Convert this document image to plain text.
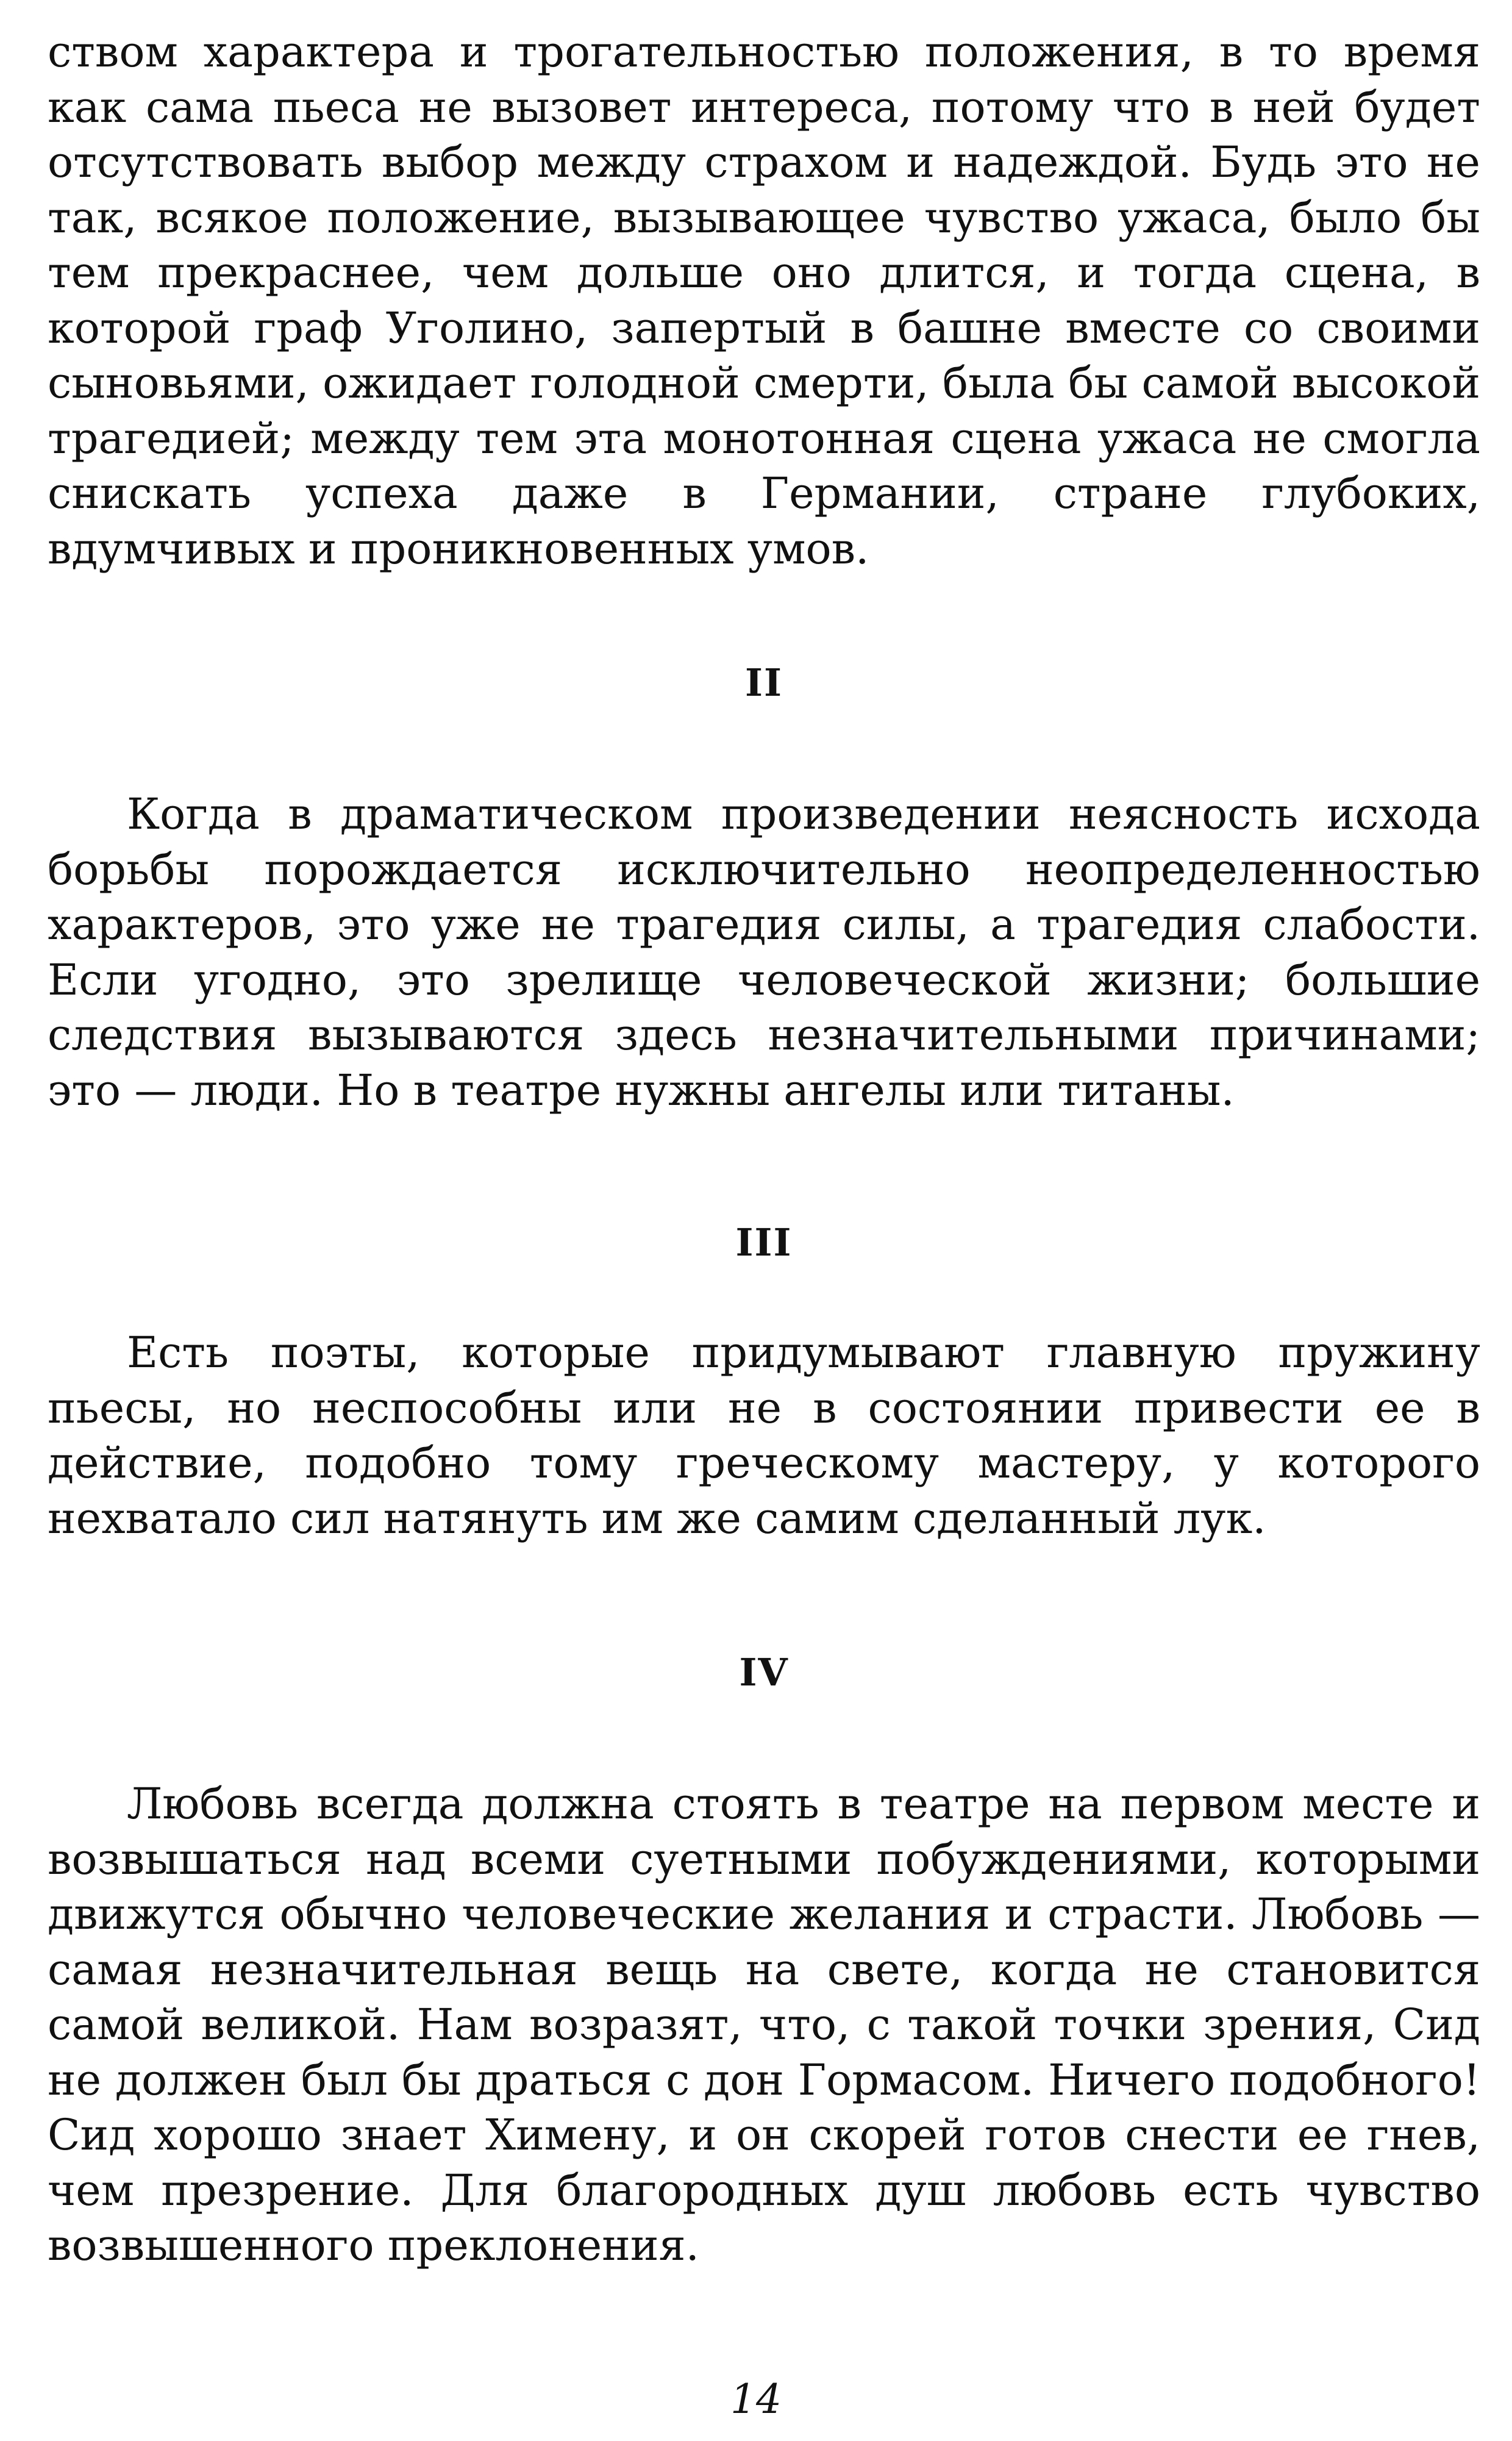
ством характера и трогательностью положения, в то время как сама пьеса не вызовет интереса, потому что в ней будет отсутствовать выбор между страхом и надеждой. Будь это не так, всякое положение, вызывающее чувство ужаса, было бы тем прекраснее, чем дольше оно длится, и тогда сцена, в которой граф Уголино, запертый в башне вместе со своими сыновьями, ожидает голодной смерти, была бы самой высокой трагедией; между тем эта монотонная сцена ужаса не смогла снискать успеха даже в Германии, стране глубоких, вдумчивых и проникновенных умов.

II

Когда в драматическом произведении неясность исхода борьбы порождается исключительно неопределенностью характеров, это уже не трагедия силы, а трагедия слабости. Если угодно, это зрелище человеческой жизни; большие следствия вызываются здесь незначительными причинами; это — люди. Но в театре нужны ангелы или титаны.

III

Есть поэты, которые придумывают главную пружину пьесы, но неспособны или не в состоянии привести ее в действие, подобно тому греческому мастеру, у которого нехватало сил натянуть им же самим сделанный лук.

IV

Любовь всегда должна стоять в театре на первом месте и возвышаться над всеми суетными побуждениями, которыми движутся обычно человеческие желания и страсти. Любовь — самая незначительная вещь на свете, когда не становится самой великой. Нам возразят, что, с такой точки зрения, Сид не должен был бы драться с дон Гормасом. Ничего подобного! Сид хорошо знает Химену, и он скорей готов снести ее гнев, чем презрение. Для благородных душ любовь есть чувство возвышенного преклонения.

14
